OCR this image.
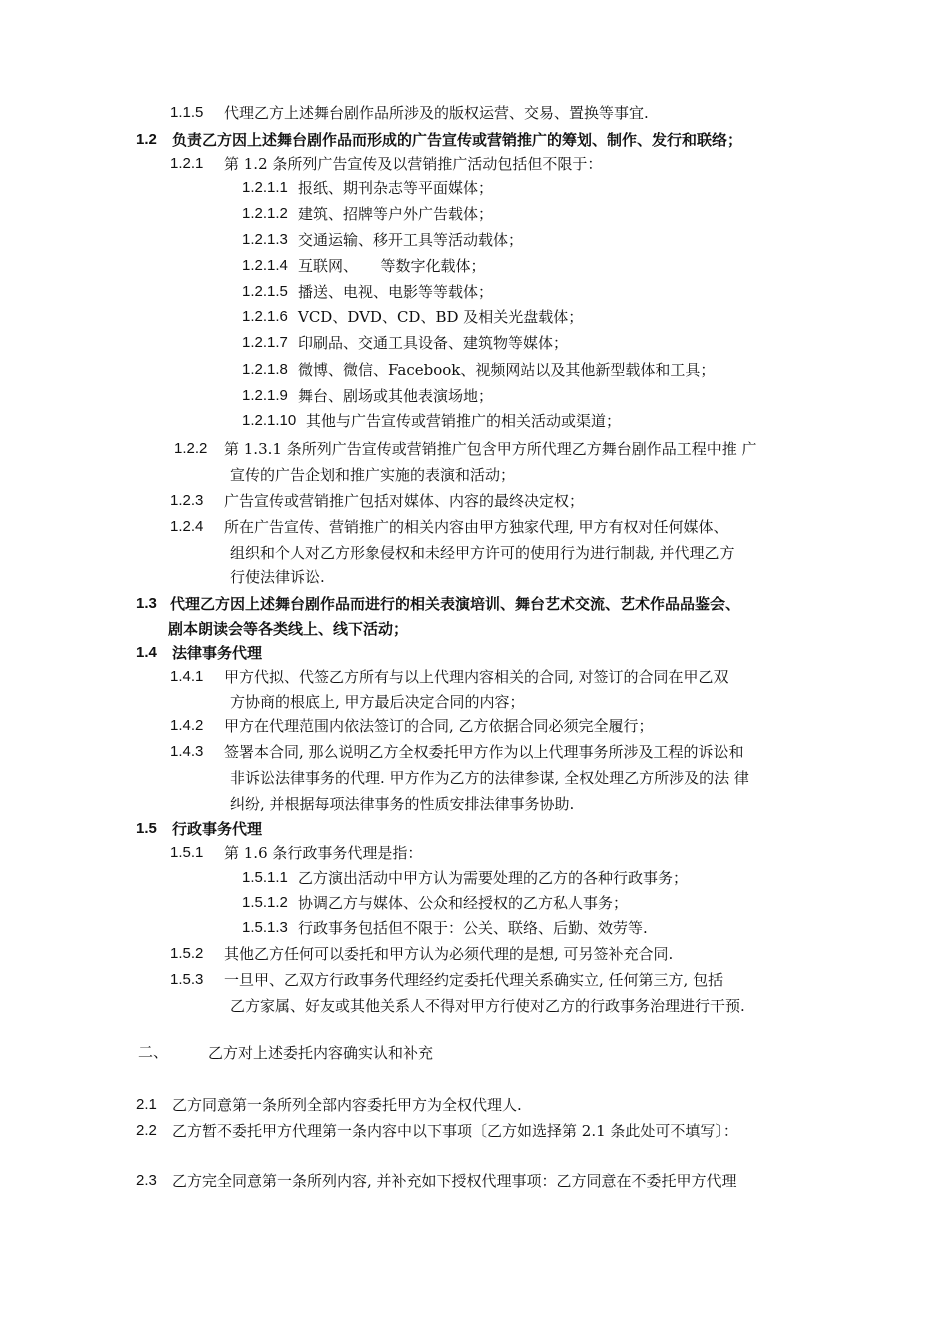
1.1.5 代理乙方上述舞台剧作品所涉及的版权运营、交易、置换等事宜.
1.2 负责乙方因上述舞台剧作品而形成的广告宣传或营销推广的筹划、制作、发行和联络；
1.2.1 第 1.2 条所列广告宣传及以营销推广活动包括但不限于：
1.2.1.1 报纸、期刊杂志等平面媒体；
1.2.1.2 建筑、招牌等户外广告载体；
1.2.1.3 交通运输、移开工具等活动载体；
1.2.1.4 互联网、　　等数字化载体；
1.2.1.5 播送、电视、电影等等载体；
1.2.1.6 VCD、DVD、CD、BD 及相关光盘载体；
1.2.1.7 印刷品、交通工具设备、建筑物等媒体；
1.2.1.8 微博、微信、Facebook、视频网站以及其他新型载体和工具；
1.2.1.9 舞台、剧场或其他表演场地；
1.2.1.10 其他与广告宣传或营销推广的相关活动或渠道；
1.2.2 第 1.3.1 条所列广告宣传或营销推广包含甲方所代理乙方舞台剧作品工程中推 广
宣传的广告企划和推广实施的表演和活动；
1.2.3 广告宣传或营销推广包括对媒体、内容的最终决定权；
1.2.4 所在广告宣传、营销推广的相关内容由甲方独家代理, 甲方有权对任何媒体、
组织和个人对乙方形象侵权和未经甲方许可的使用行为进行制裁, 并代理乙方
行使法律诉讼.
1.3 代理乙方因上述舞台剧作品而进行的相关表演培训、舞台艺术交流、艺术作品品鉴会、
剧本朗读会等各类线上、线下活动；
1.4 法律事务代理
1.4.1 甲方代拟、代签乙方所有与以上代理内容相关的合同, 对签订的合同在甲乙双
方协商的根底上, 甲方最后决定合同的内容；
1.4.2 甲方在代理范围内依法签订的合同, 乙方依据合同必须完全履行；
1.4.3 签署本合同, 那么说明乙方全权委托甲方作为以上代理事务所涉及工程的诉讼和
非诉讼法律事务的代理. 甲方作为乙方的法律参谋, 全权处理乙方所涉及的法 律
纠纷, 并根据每项法律事务的性质安排法律事务协助.
1.5 行政事务代理
1.5.1 第 1.6 条行政事务代理是指：
1.5.1.1 乙方演出活动中甲方认为需要处理的乙方的各种行政事务；
1.5.1.2 协调乙方与媒体、公众和经授权的乙方私人事务；
1.5.1.3 行政事务包括但不限于：公关、联络、后勤、效劳等.
1.5.2 其他乙方任何可以委托和甲方认为必须代理的是想, 可另签补充合同.
1.5.3 一旦甲、乙双方行政事务代理经约定委托代理关系确实立, 任何第三方, 包括
乙方家属、好友或其他关系人不得对甲方行使对乙方的行政事务治理进行干预.
二、	乙方对上述委托内容确实认和补充
2.1 乙方同意第一条所列全部内容委托甲方为全权代理人.
2.2 乙方暂不委托甲方代理第一条内容中以下事项〔乙方如选择第 2.1 条此处可不填写〕：
2.3 乙方完全同意第一条所列内容, 并补充如下授权代理事项：乙方同意在不委托甲方代理
